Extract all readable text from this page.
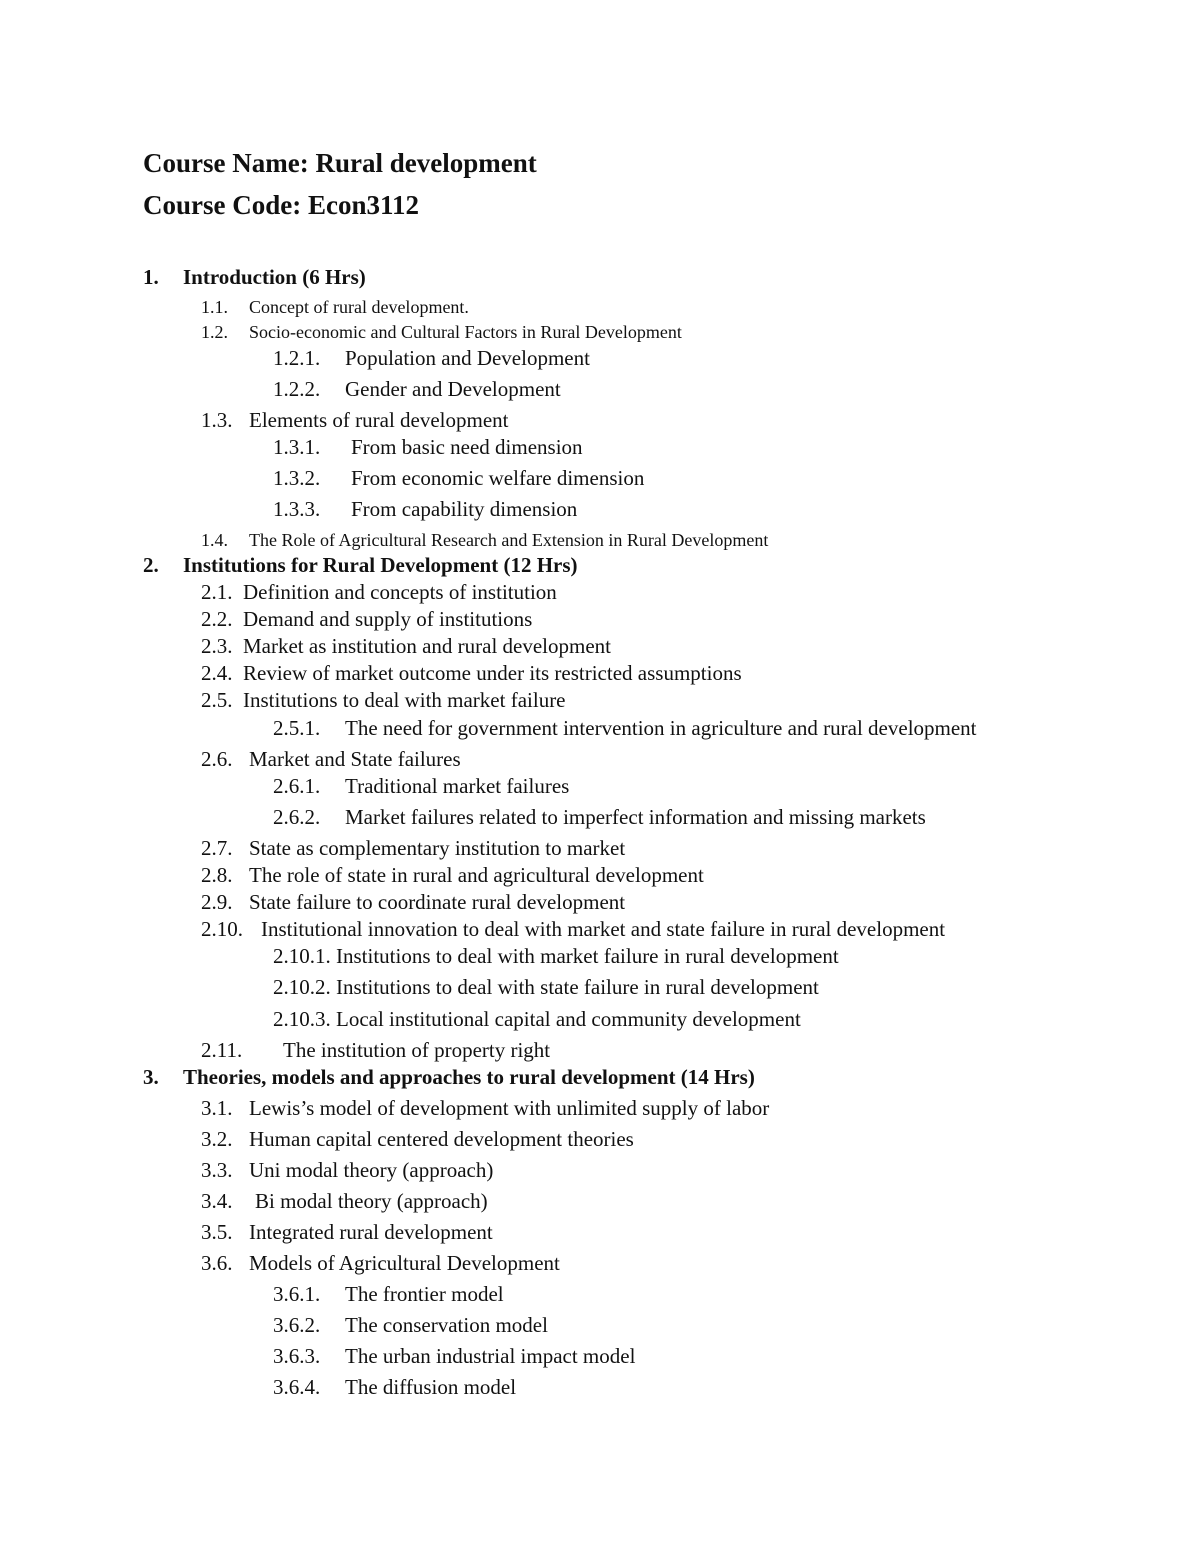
Course Name: Rural development
Course Code: Econ3112
1. Introduction (6 Hrs)
1.1. Concept of rural development.
1.2. Socio-economic and Cultural Factors in Rural Development
1.2.1. Population and Development
1.2.2. Gender and Development
1.3. Elements of rural development
1.3.1. From basic need dimension
1.3.2. From economic welfare dimension
1.3.3. From capability dimension
1.4. The Role of Agricultural Research and Extension in Rural Development
2. Institutions for Rural Development (12 Hrs)
2.1. Definition and concepts of institution
2.2. Demand and supply of institutions
2.3. Market as institution and rural development
2.4. Review of market outcome under its restricted assumptions
2.5. Institutions to deal with market failure
2.5.1. The need for government intervention in agriculture and rural development
2.6. Market and State failures
2.6.1. Traditional market failures
2.6.2. Market failures related to imperfect information and missing markets
2.7. State as complementary institution to market
2.8. The role of state in rural and agricultural development
2.9. State failure to coordinate rural development
2.10. Institutional innovation to deal with market and state failure in rural development
2.10.1. Institutions to deal with market failure in rural development
2.10.2. Institutions to deal with state failure in rural development
2.10.3. Local institutional capital and community development
2.11. The institution of property right
3. Theories, models and approaches to rural development (14 Hrs)
3.1. Lewis’s model of development with unlimited supply of labor
3.2. Human capital centered development theories
3.3. Uni modal theory (approach)
3.4. Bi modal theory (approach)
3.5. Integrated rural development
3.6. Models of Agricultural Development
3.6.1. The frontier model
3.6.2. The conservation model
3.6.3. The urban industrial impact model
3.6.4. The diffusion model
